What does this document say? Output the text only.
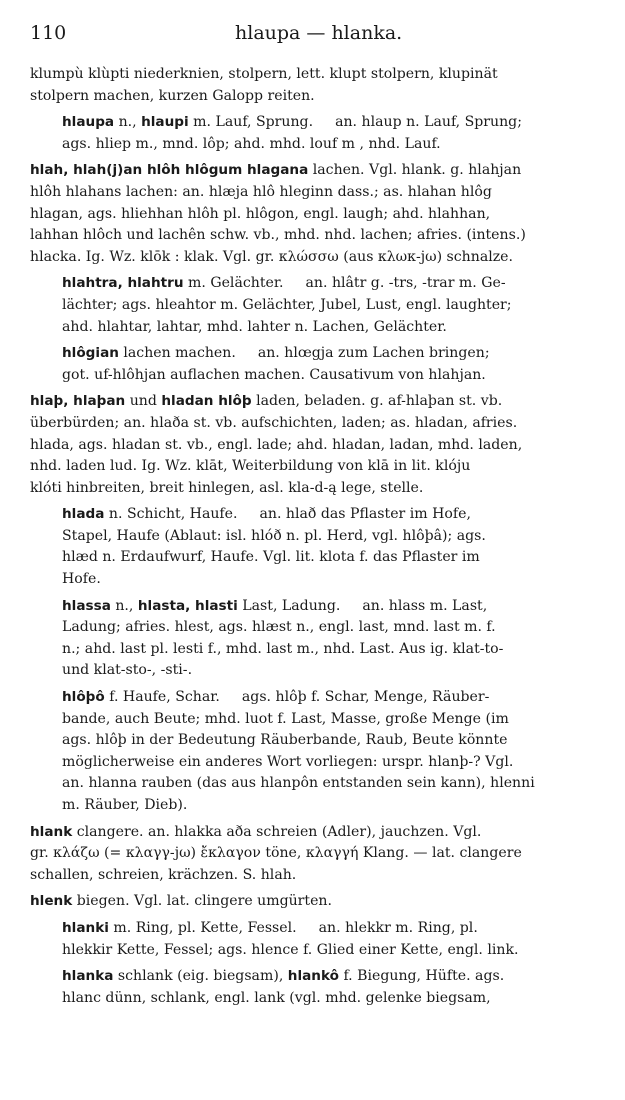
110	hlaupa — hlanka.

klumpù klùpti niederknien, stolpern, lett. klupt stolpern, klupinät
stolpern machen, kurzen Galopp reiten.

hlaupa n., hlaupi m. Lauf, Sprung. an. hlaup n. Lauf, Sprung;
ags. hliep m., mnd. lôp; ahd. mhd. louf m , nhd. Lauf.

hlah, hlah(j)an hlôh hlôgum hlagana lachen. Vgl. hlank. g. hlahjan
hlôh hlahans lachen: an. hlæja hlô hleginn dass.; as. hlahan hlôg
hlagan, ags. hliehhan hlôh pl. hlôgon, engl. laugh; ahd. hlahhan,
lahhan hlôch und lachên schw. vb., mhd. nhd. lachen; afries. (intens.)
hlacka. Ig. Wz. klōk : klak. Vgl. gr. κλώσσω (aus κλωκ-jω) schnalze.

hlahtra, hlahtru m. Gelächter. an. hlâtr g. -trs, -trar m. Ge-
lächter; ags. hleahtor m. Gelächter, Jubel, Lust, engl. laughter;
ahd. hlahtar, lahtar, mhd. lahter n. Lachen, Gelächter.

hlôgian lachen machen. an. hlœgja zum Lachen bringen;
got. uf-hlôhjan auflachen machen. Causativum von hlahjan.

hlaþ, hlaþan und hladan hlôþ laden, beladen. g. af-hlaþan st. vb.
überbürden; an. hlaða st. vb. aufschichten, laden; as. hladan, afries.
hlada, ags. hladan st. vb., engl. lade; ahd. hladan, ladan, mhd. laden,
nhd. laden lud. Ig. Wz. klāt, Weiterbildung von klā in lit. klóju
klóti hinbreiten, breit hinlegen, asl. kla-d-ą lege, stelle.

hlada n. Schicht, Haufe. an. hlað das Pflaster im Hofe,
Stapel, Haufe (Ablaut: isl. hlóð n. pl. Herd, vgl. hlôþâ); ags.
hlæd n. Erdaufwurf, Haufe. Vgl. lit. klota f. das Pflaster im
Hofe.

hlassa n., hlasta, hlasti Last, Ladung. an. hlass m. Last,
Ladung; afries. hlest, ags. hlæst n., engl. last, mnd. last m. f.
n.; ahd. last pl. lesti f., mhd. last m., nhd. Last. Aus ig. klat-to-
und klat-sto-, -sti-.

hlôþô f. Haufe, Schar. ags. hlôþ f. Schar, Menge, Räuber-
bande, auch Beute; mhd. luot f. Last, Masse, große Menge (im
ags. hlôþ in der Bedeutung Räuberbande, Raub, Beute könnte
möglicherweise ein anderes Wort vorliegen: urspr. hlanþ-? Vgl.
an. hlanna rauben (das aus hlanpôn entstanden sein kann), hlenni
m. Räuber, Dieb).

hlank clangere. an. hlakka aða schreien (Adler), jauchzen. Vgl.
gr. κλάζω (= κλαγγ-jω) ἔκλαγον töne, κλαγγή Klang. — lat. clangere
schallen, schreien, krächzen. S. hlah.

hlenk biegen. Vgl. lat. clingere umgürten.

hlanki m. Ring, pl. Kette, Fessel. an. hlekkr m. Ring, pl.
hlekkir Kette, Fessel; ags. hlence f. Glied einer Kette, engl. link.

hlanka schlank (eig. biegsam), hlankô f. Biegung, Hüfte. ags.
hlanc dünn, schlank, engl. lank (vgl. mhd. gelenke biegsam,
